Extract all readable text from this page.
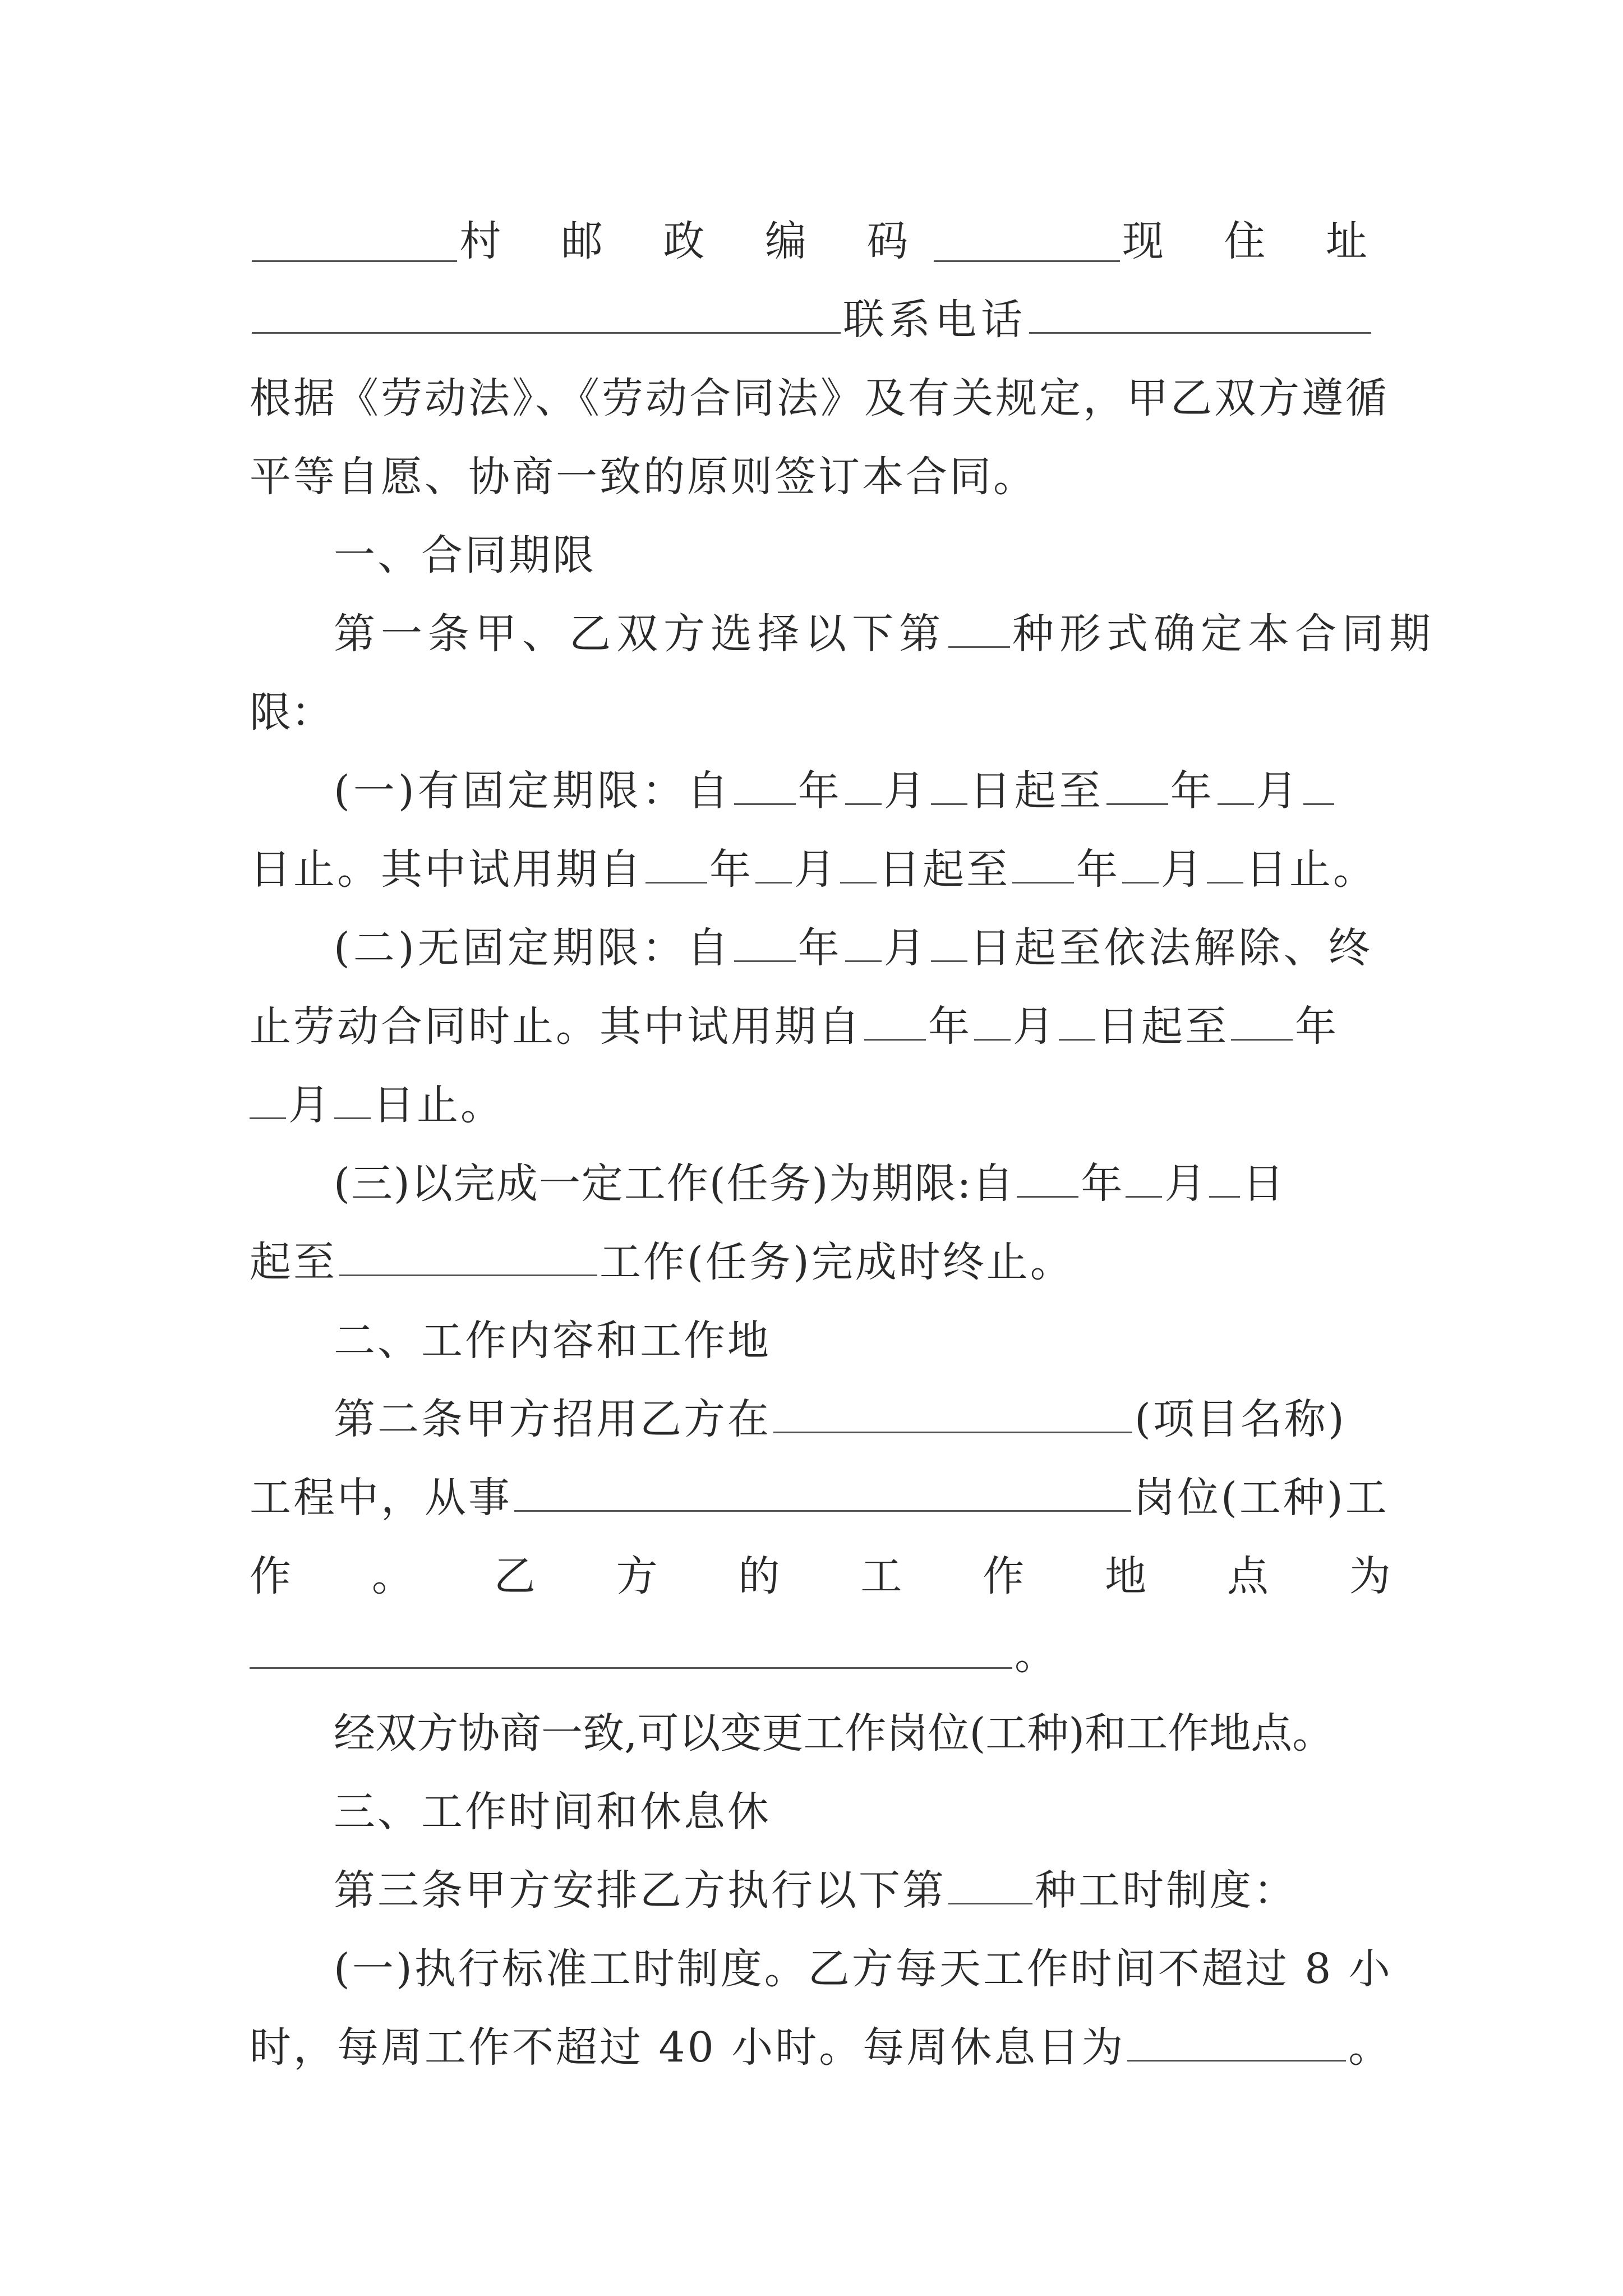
村 邮 政 编 码	现 住 址
联系电话
根据《劳动法》、《劳动合同法》及有关规定，甲乙双方遵循
平等自愿、协商一致的原则签订本合同。
一、合同期限
第一条甲、乙双方选择以下第 种形式确定本合同期
限：
(一)有固定期限：自 年 月 日起至 年 月
日止。其中试用期自 年 月 日起至 年 月 日止。
(二)无固定期限：自 年 月 日起至依法解除、终
止劳动合同时止。其中试用期自 年 月 日起至 年
月 日止。
(三)以完成一定工作(任务)为期限:自 年 月 日
起至	工作(任务)完成时终止。
二、工作内容和工作地
第二条甲方招用乙方在	(项目名称)
工程中，从事	岗位(工种)工
作 。 乙 方 的 工 作 地 点 为
。
经双方协商一致,可以变更工作岗位(工种)和工作地点。
三、工作时间和休息休
第三条甲方安排乙方执行以下第 种工时制度：
(一)执行标准工时制度。乙方每天工作时间不超过 8 小
时，每周工作不超过 40 小时。每周休息日为	。
